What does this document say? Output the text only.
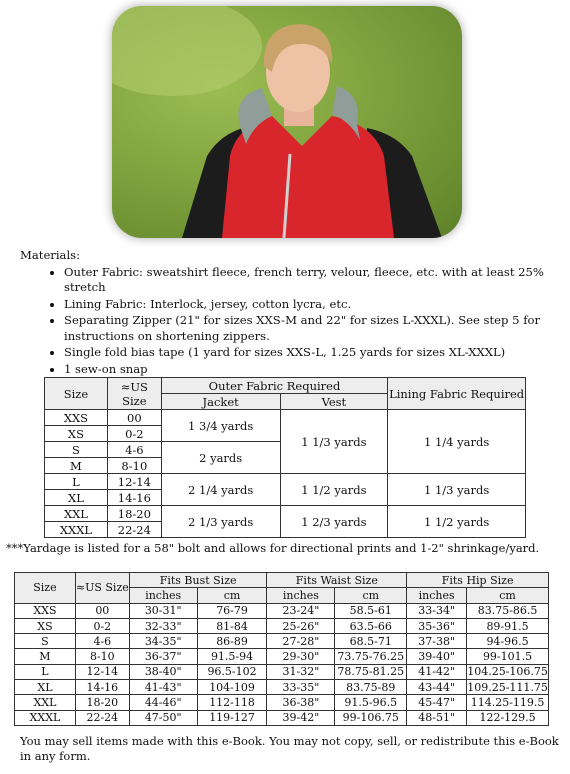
Materials:
• Outer Fabric: sweatshirt fleece, french terry, velour, fleece, etc. with at least 25% stretch
• Lining Fabric: Interlock, jersey, cotton lycra, etc.
• Separating Zipper (21" for sizes XXS-M and 22" for sizes L-XXXL). See step 5 for instructions on shortening zippers.
• Single fold bias tape (1 yard for sizes XXS-L, 1.25 yards for sizes XL-XXXL)
• 1 sew-on snap
Size	≈US Size	Outer Fabric Required		Lining Fabric Required
		Jacket	Vest	
XXS	00	1 3/4 yards	1 1/3 yards	1 1/4 yards
XS	0-2			
S	4-6	2 yards		
M	8-10			
L	12-14	2 1/4 yards	1 1/2 yards	1 1/3 yards
XL	14-16			
XXL	18-20	2 1/3 yards	1 2/3 yards	1 1/2 yards
XXXL	22-24			
***Yardage is listed for a 58" bolt and allows for directional prints and 1-2" shrinkage/yard.
Size	≈US Size	Fits Bust Size		Fits Waist Size		Fits Hip Size	
		inches	cm	inches	cm	inches	cm
XXS	00	30-31"	76-79	23-24"	58.5-61	33-34"	83.75-86.5
XS	0-2	32-33"	81-84	25-26"	63.5-66	35-36"	89-91.5
S	4-6	34-35"	86-89	27-28"	68.5-71	37-38"	94-96.5
M	8-10	36-37"	91.5-94	29-30"	73.75-76.25	39-40"	99-101.5
L	12-14	38-40"	96.5-102	31-32"	78.75-81.25	41-42"	104.25-106.75
XL	14-16	41-43"	104-109	33-35"	83.75-89	43-44"	109.25-111.75
XXL	18-20	44-46"	112-118	36-38"	91.5-96.5	45-47"	114.25-119.5
XXXL	22-24	47-50"	119-127	39-42"	99-106.75	48-51"	122-129.5
You may sell items made with this e-Book. You may not copy, sell, or redistribute this e-Book in any form.
